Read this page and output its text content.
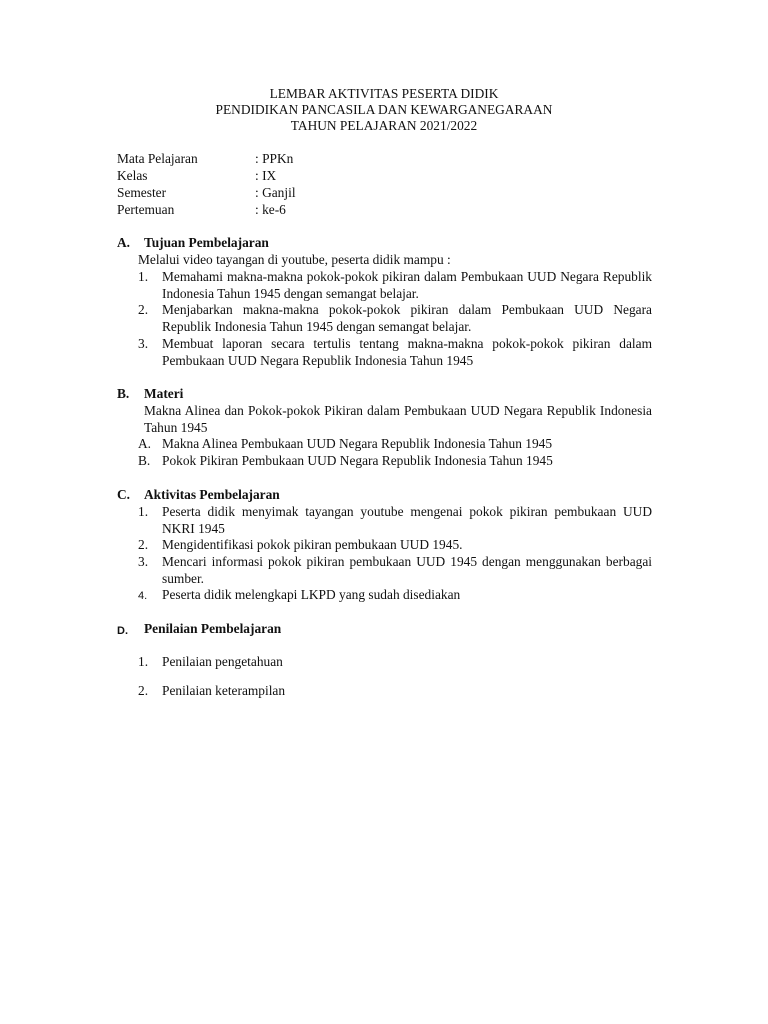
LEMBAR AKTIVITAS PESERTA DIDIK
PENDIDIKAN PANCASILA DAN KEWARGANEGARAAN
TAHUN PELAJARAN 2021/2022
Mata Pelajaran	: PPKn
Kelas	: IX
Semester	: Ganjil
Pertemuan	: ke-6
A. Tujuan Pembelajaran
Melalui video tayangan di youtube, peserta didik mampu :
1. Memahami makna-makna pokok-pokok pikiran dalam Pembukaan UUD Negara Republik Indonesia Tahun 1945 dengan semangat belajar.
2. Menjabarkan makna-makna pokok-pokok pikiran dalam Pembukaan UUD Negara Republik Indonesia Tahun 1945 dengan semangat belajar.
3. Membuat laporan secara tertulis tentang makna-makna pokok-pokok pikiran dalam Pembukaan UUD Negara Republik Indonesia Tahun 1945
B. Materi
Makna Alinea dan Pokok-pokok Pikiran dalam Pembukaan UUD Negara Republik Indonesia Tahun 1945
A. Makna Alinea Pembukaan UUD Negara Republik Indonesia Tahun 1945
B. Pokok Pikiran Pembukaan UUD Negara Republik Indonesia Tahun 1945
C. Aktivitas Pembelajaran
1. Peserta didik menyimak tayangan youtube mengenai pokok pikiran pembukaan UUD NKRI 1945
2. Mengidentifikasi pokok pikiran pembukaan UUD 1945.
3. Mencari informasi pokok pikiran pembukaan UUD 1945 dengan menggunakan berbagai sumber.
4. Peserta didik melengkapi LKPD yang sudah disediakan
D. Penilaian Pembelajaran
1. Penilaian pengetahuan
2. Penilaian keterampilan
